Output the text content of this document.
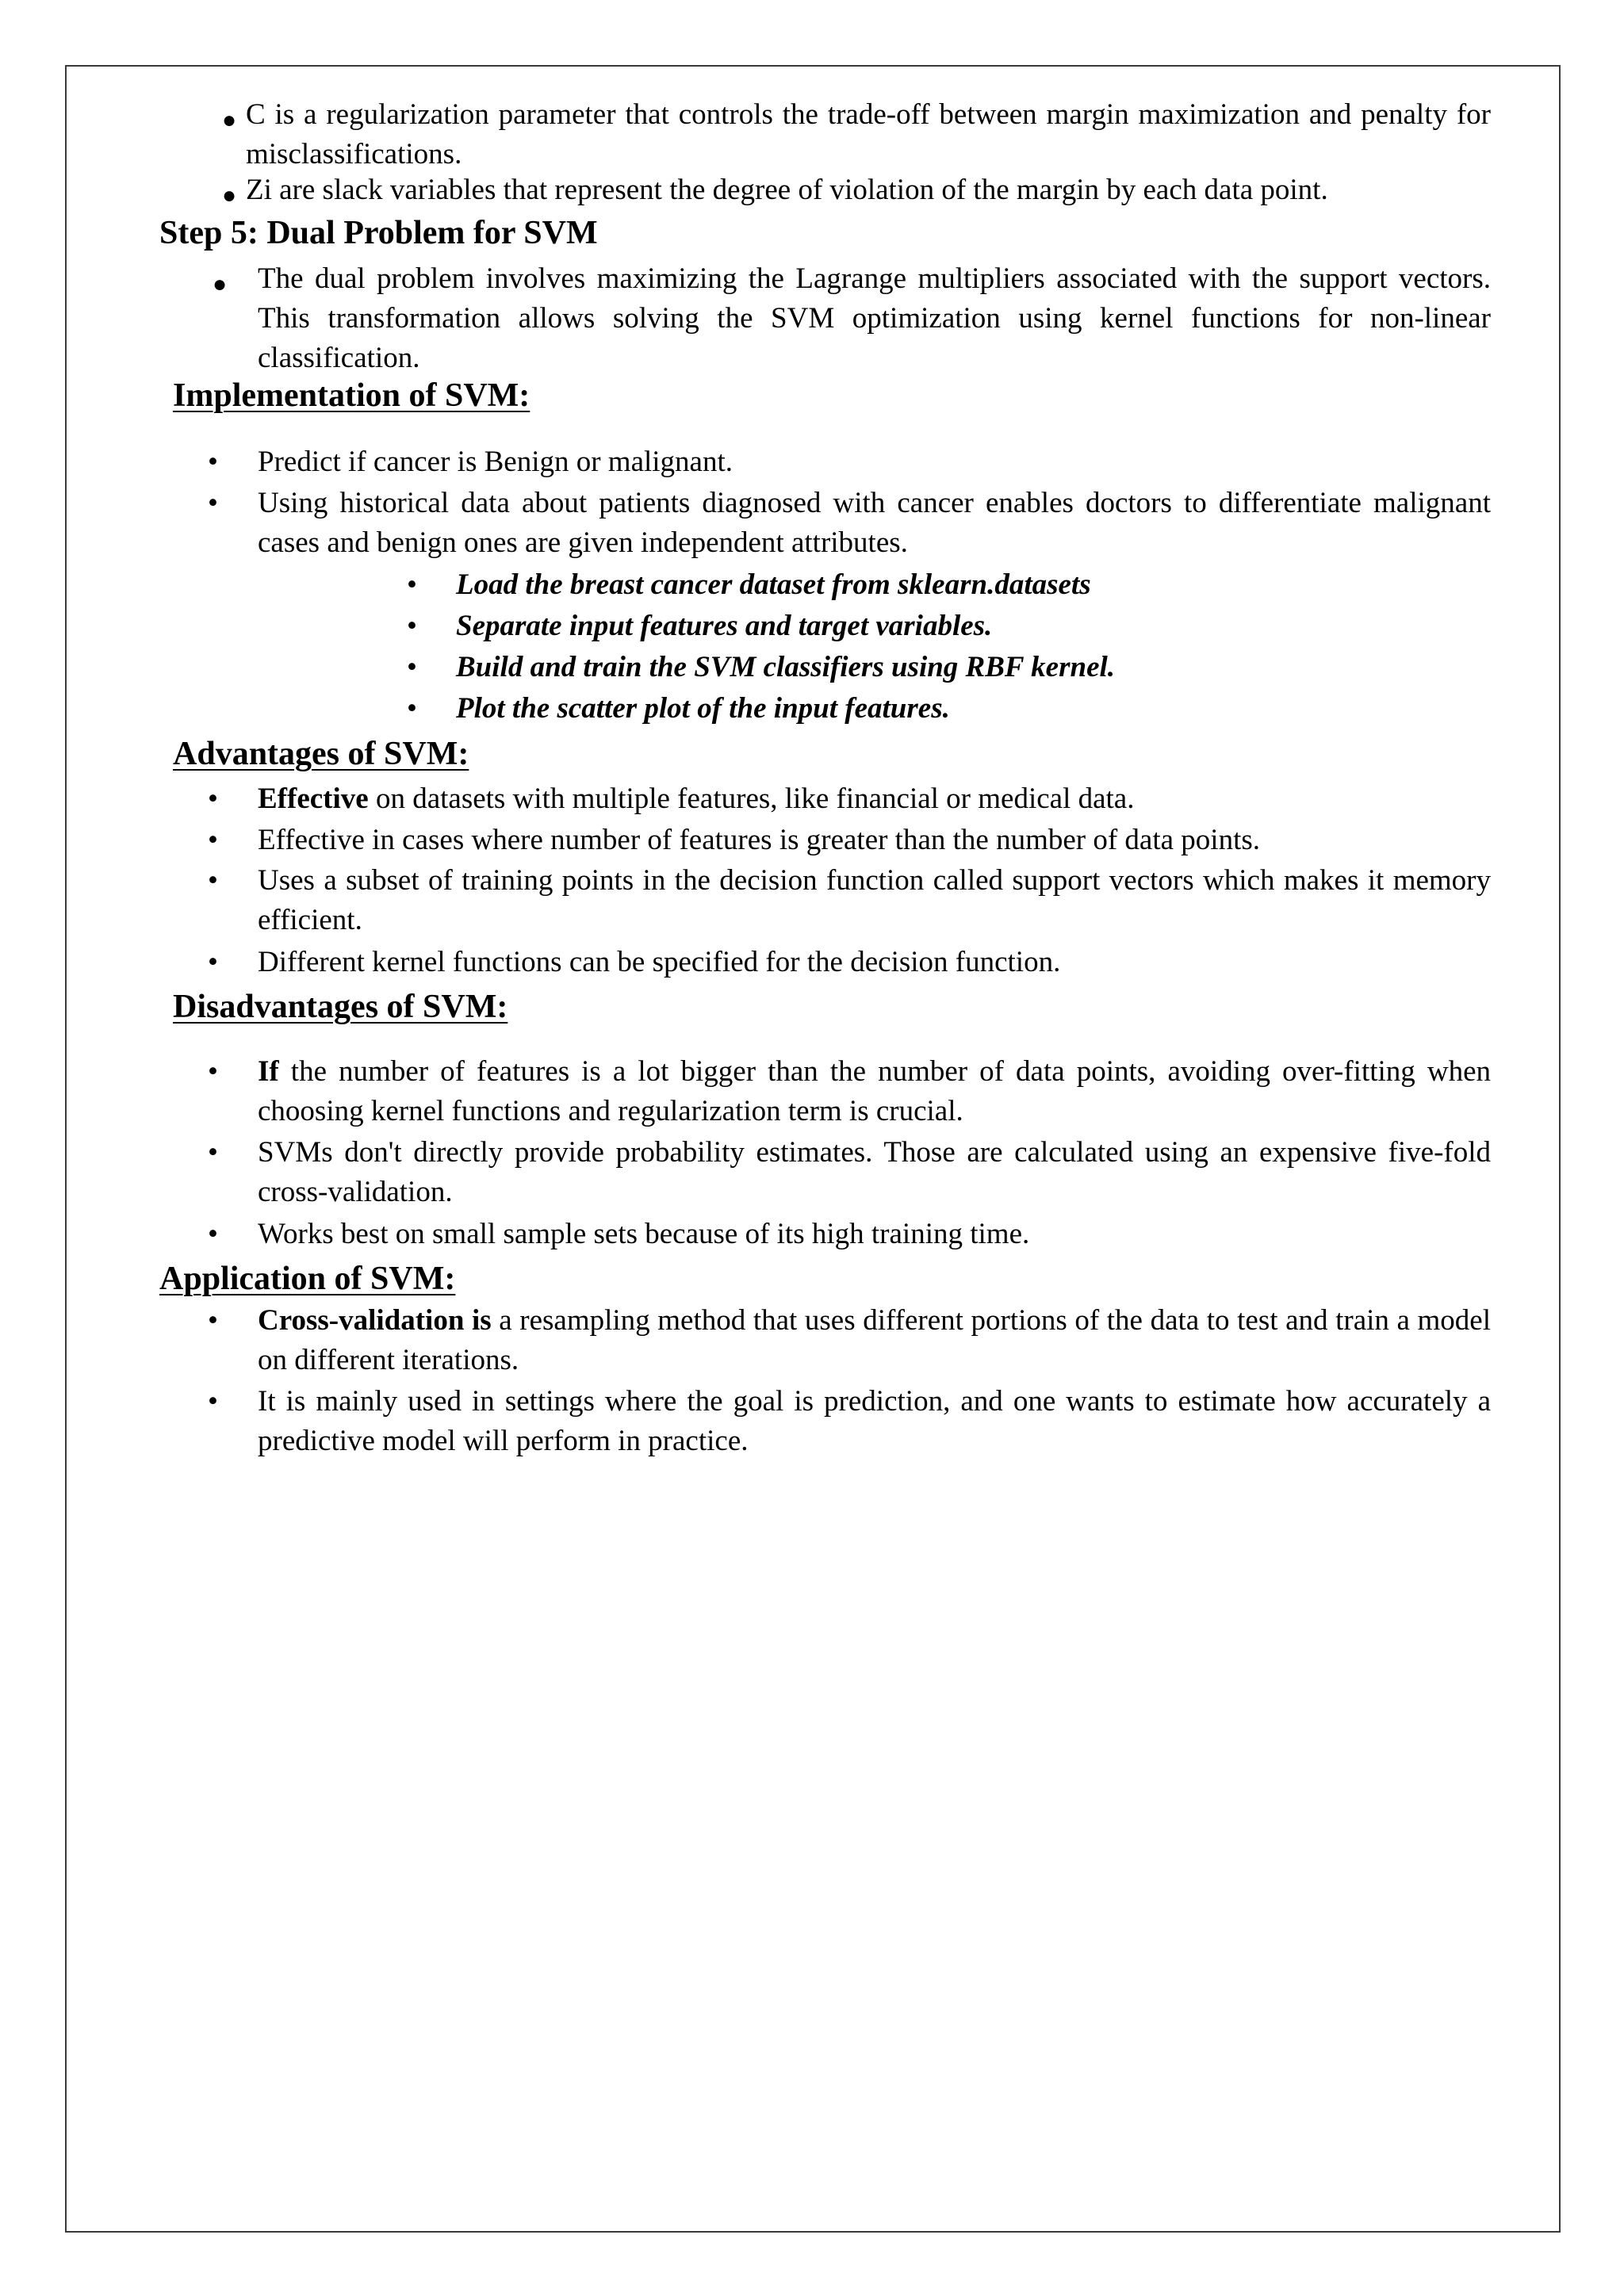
● C is a regularization parameter that controls the trade-off between margin maximization and penalty for misclassifications.
● Zi are slack variables that represent the degree of violation of the margin by each data point.
Step 5: Dual Problem for SVM
● The dual problem involves maximizing the Lagrange multipliers associated with the support vectors. This transformation allows solving the SVM optimization using kernel functions for non-linear classification.
Implementation of SVM:
• Predict if cancer is Benign or malignant.
• Using historical data about patients diagnosed with cancer enables doctors to differentiate malignant cases and benign ones are given independent attributes.
• Load the breast cancer dataset from sklearn.datasets
• Separate input features and target variables.
• Build and train the SVM classifiers using RBF kernel.
• Plot the scatter plot of the input features.
Advantages of SVM:
• Effective on datasets with multiple features, like financial or medical data.
• Effective in cases where number of features is greater than the number of data points.
• Uses a subset of training points in the decision function called support vectors which makes it memory efficient.
• Different kernel functions can be specified for the decision function.
Disadvantages of SVM:
• If the number of features is a lot bigger than the number of data points, avoiding over-fitting when choosing kernel functions and regularization term is crucial.
• SVMs don't directly provide probability estimates. Those are calculated using an expensive five-fold cross-validation.
• Works best on small sample sets because of its high training time.
Application of SVM:
• Cross-validation is a resampling method that uses different portions of the data to test and train a model on different iterations.
• It is mainly used in settings where the goal is prediction, and one wants to estimate how accurately a predictive model will perform in practice.
